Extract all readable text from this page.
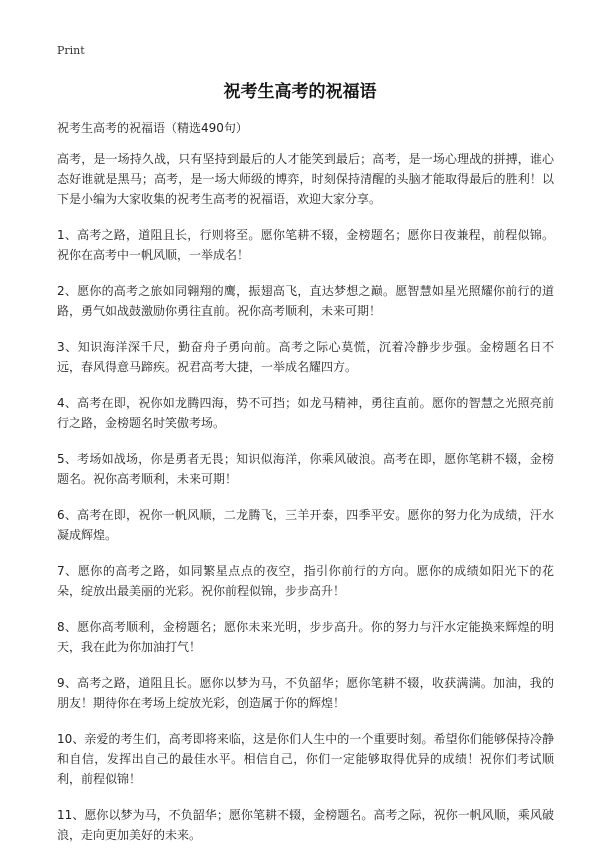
Print
祝考生高考的祝福语
祝考生高考的祝福语（精选490句）

高考，是一场持久战，只有坚持到最后的人才能笑到最后；高考，是一场心理战的拼搏，谁心态好谁就是黑马；高考，是一场大师级的博弈，时刻保持清醒的头脑才能取得最后的胜利！以下是小编为大家收集的祝考生高考的祝福语，欢迎大家分享。

1、高考之路，道阻且长，行则将至。愿你笔耕不辍，金榜题名；愿你日夜兼程，前程似锦。祝你在高考中一帆风顺，一举成名！

2、愿你的高考之旅如同翱翔的鹰，振翅高飞，直达梦想之巅。愿智慧如星光照耀你前行的道路，勇气如战鼓激励你勇往直前。祝你高考顺利，未来可期！

3、知识海洋深千尺，勤奋舟子勇向前。高考之际心莫慌，沉着冷静步步强。金榜题名日不远，春风得意马蹄疾。祝君高考大捷，一举成名耀四方。

4、高考在即，祝你如龙腾四海，势不可挡；如龙马精神，勇往直前。愿你的智慧之光照亮前行之路，金榜题名时笑傲考场。

5、考场如战场，你是勇者无畏；知识似海洋，你乘风破浪。高考在即，愿你笔耕不辍，金榜题名。祝你高考顺利，未来可期！

6、高考在即，祝你一帆风顺，二龙腾飞，三羊开泰，四季平安。愿你的努力化为成绩，汗水凝成辉煌。

7、愿你的高考之路，如同繁星点点的夜空，指引你前行的方向。愿你的成绩如阳光下的花朵，绽放出最美丽的光彩。祝你前程似锦，步步高升！

8、愿你高考顺利，金榜题名；愿你未来光明，步步高升。你的努力与汗水定能换来辉煌的明天，我在此为你加油打气！

9、高考之路，道阻且长。愿你以梦为马，不负韶华；愿你笔耕不辍，收获满满。加油，我的朋友！期待你在考场上绽放光彩，创造属于你的辉煌！

10、亲爱的考生们，高考即将来临，这是你们人生中的一个重要时刻。希望你们能够保持冷静和自信，发挥出自己的最佳水平。相信自己，你们一定能够取得优异的成绩！祝你们考试顺利，前程似锦！

11、愿你以梦为马，不负韶华；愿你笔耕不辍，金榜题名。高考之际，祝你一帆风顺，乘风破浪，走向更加美好的未来。
